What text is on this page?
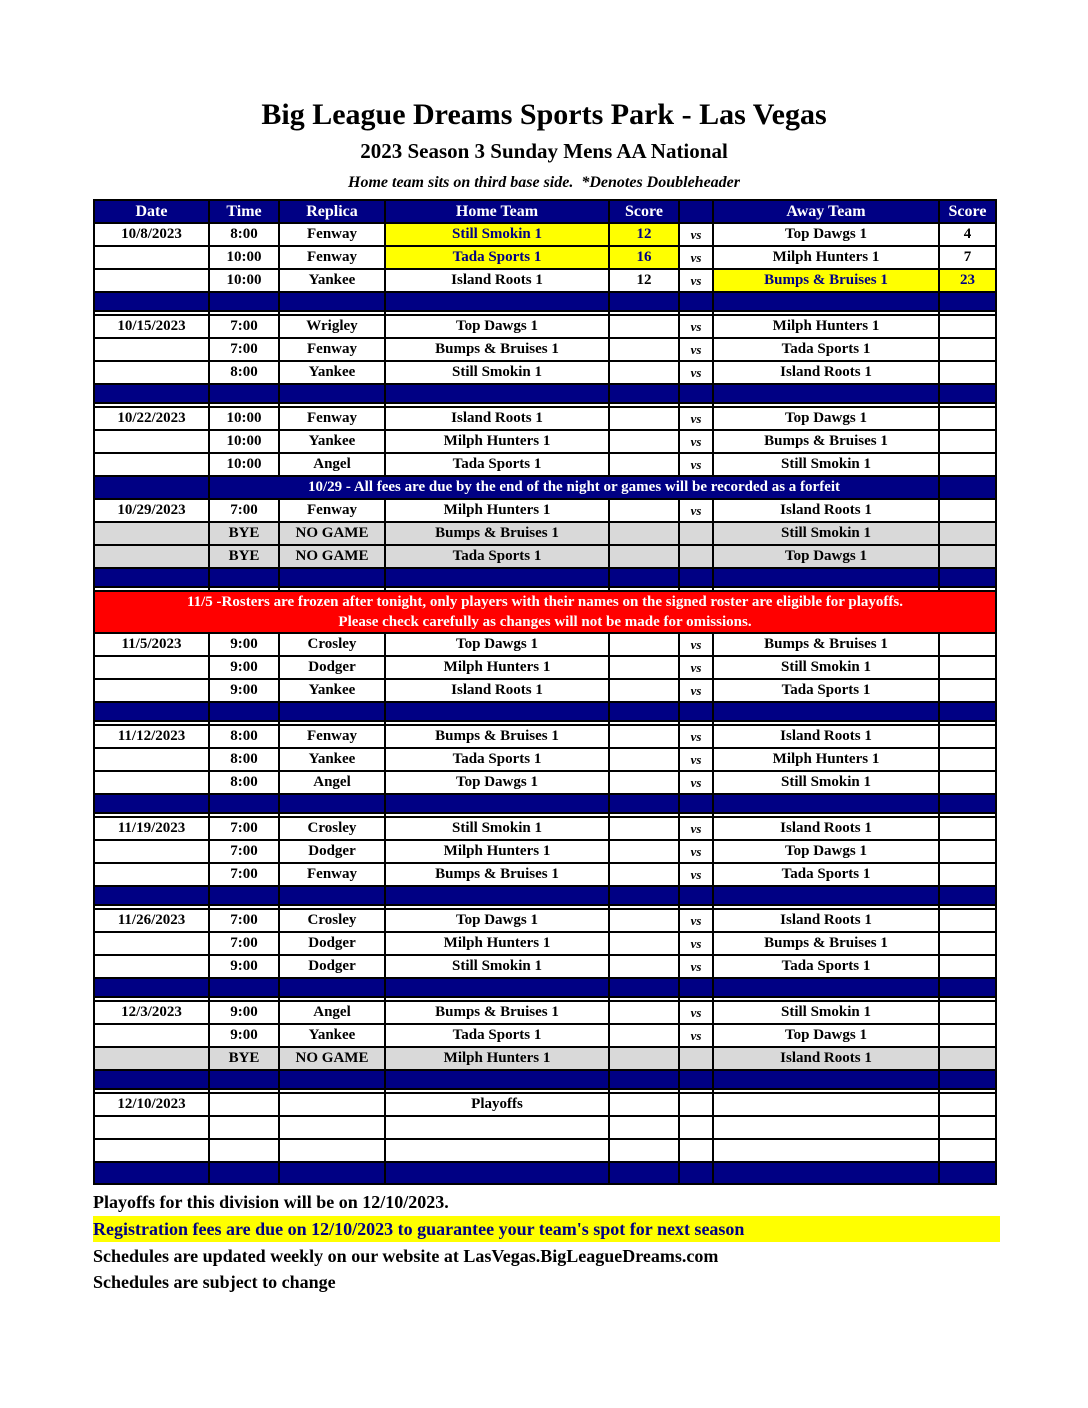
Big League Dreams Sports Park - Las Vegas
2023 Season 3 Sunday Mens AA National
Home team sits on third base side.  *Denotes Doubleheader
Date	Time	Replica	Home Team	Score		Away Team	Score
10/8/2023	8:00	Fenway	Still Smokin 1	12	vs	Top Dawgs 1	4
	10:00	Fenway	Tada Sports 1	16	vs	Milph Hunters 1	7
	10:00	Yankee	Island Roots 1	12	vs	Bumps & Bruises 1	23

10/15/2023	7:00	Wrigley	Top Dawgs 1		vs	Milph Hunters 1	
	7:00	Fenway	Bumps & Bruises 1		vs	Tada Sports 1	
	8:00	Yankee	Still Smokin 1		vs	Island Roots 1	

10/22/2023	10:00	Fenway	Island Roots 1		vs	Top Dawgs 1	
	10:00	Yankee	Milph Hunters 1		vs	Bumps & Bruises 1	
	10:00	Angel	Tada Sports 1		vs	Still Smokin 1	
	10/29 - All fees are due by the end of the night or games will be recorded as a forfeit						
10/29/2023	7:00	Fenway	Milph Hunters 1		vs	Island Roots 1	
	BYE	NO GAME	Bumps & Bruises 1			Still Smokin 1	
	BYE	NO GAME	Tada Sports 1			Top Dawgs 1	

11/5 -Rosters are frozen after tonight, only players with their names on the signed roster are eligible for playoffs.
Please check carefully as changes will not be made for omissions.							

11/5/2023	9:00	Crosley	Top Dawgs 1		vs	Bumps & Bruises 1	
	9:00	Dodger	Milph Hunters 1		vs	Still Smokin 1	
	9:00	Yankee	Island Roots 1		vs	Tada Sports 1	

11/12/2023	8:00	Fenway	Bumps & Bruises 1		vs	Island Roots 1	
	8:00	Yankee	Tada Sports 1		vs	Milph Hunters 1	
	8:00	Angel	Top Dawgs 1		vs	Still Smokin 1	

11/19/2023	7:00	Crosley	Still Smokin 1		vs	Island Roots 1	
	7:00	Dodger	Milph Hunters 1		vs	Top Dawgs 1	
	7:00	Fenway	Bumps & Bruises 1		vs	Tada Sports 1	

11/26/2023	7:00	Crosley	Top Dawgs 1		vs	Island Roots 1	
	7:00	Dodger	Milph Hunters 1		vs	Bumps & Bruises 1	
	9:00	Dodger	Still Smokin 1		vs	Tada Sports 1	

12/3/2023	9:00	Angel	Bumps & Bruises 1		vs	Still Smokin 1	
	9:00	Yankee	Tada Sports 1		vs	Top Dawgs 1	
	BYE	NO GAME	Milph Hunters 1			Island Roots 1	

12/10/2023			Playoffs				

Playoffs for this division will be on 12/10/2023.
Registration fees are due on 12/10/2023 to guarantee your team's spot for next season
Schedules are updated weekly on our website at LasVegas.BigLeagueDreams.com
Schedules are subject to change
